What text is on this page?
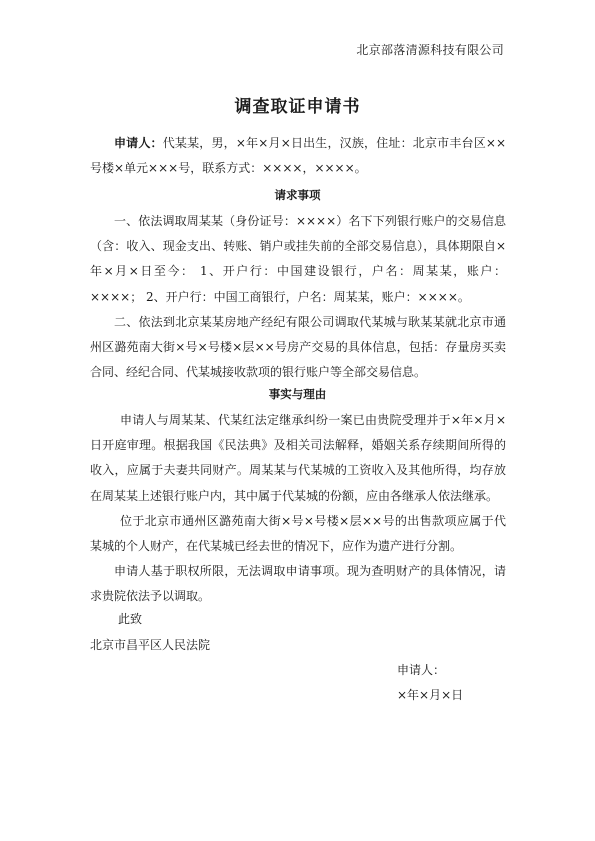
北京部落清源科技有限公司
调查取证申请书
申请人：代某某，男，×年×月×日出生，汉族，住址：北京市丰台区××号楼×单元×××号，联系方式：××××，××××。
请求事项
一、依法调取周某某（身份证号：××××）名下下列银行账户的交易信息（含：收入、现金支出、转账、销户或挂失前的全部交易信息），具体期限自×年×月×日至今： 1、开户行：中国建设银行，户名：周某某，账户：××××； 2、开户行：中国工商银行，户名：周某某，账户：××××。
二、依法到北京某某房地产经纪有限公司调取代某城与耿某某就北京市通州区潞苑南大街×号×号楼×层××号房产交易的具体信息，包括：存量房买卖合同、经纪合同、代某城接收款项的银行账户等全部交易信息。
事实与理由
申请人与周某某、代某红法定继承纠纷一案已由贵院受理并于×年×月×日开庭审理。根据我国《民法典》及相关司法解释，婚姻关系存续期间所得的收入，应属于夫妻共同财产。周某某与代某城的工资收入及其他所得，均存放在周某某上述银行账户内，其中属于代某城的份额，应由各继承人依法继承。
位于北京市通州区潞苑南大街×号×号楼×层××号的出售款项应属于代某城的个人财产，在代某城已经去世的情况下，应作为遗产进行分割。
申请人基于职权所限，无法调取申请事项。现为查明财产的具体情况，请求贵院依法予以调取。
此致
北京市昌平区人民法院
申请人：
×年×月×日
